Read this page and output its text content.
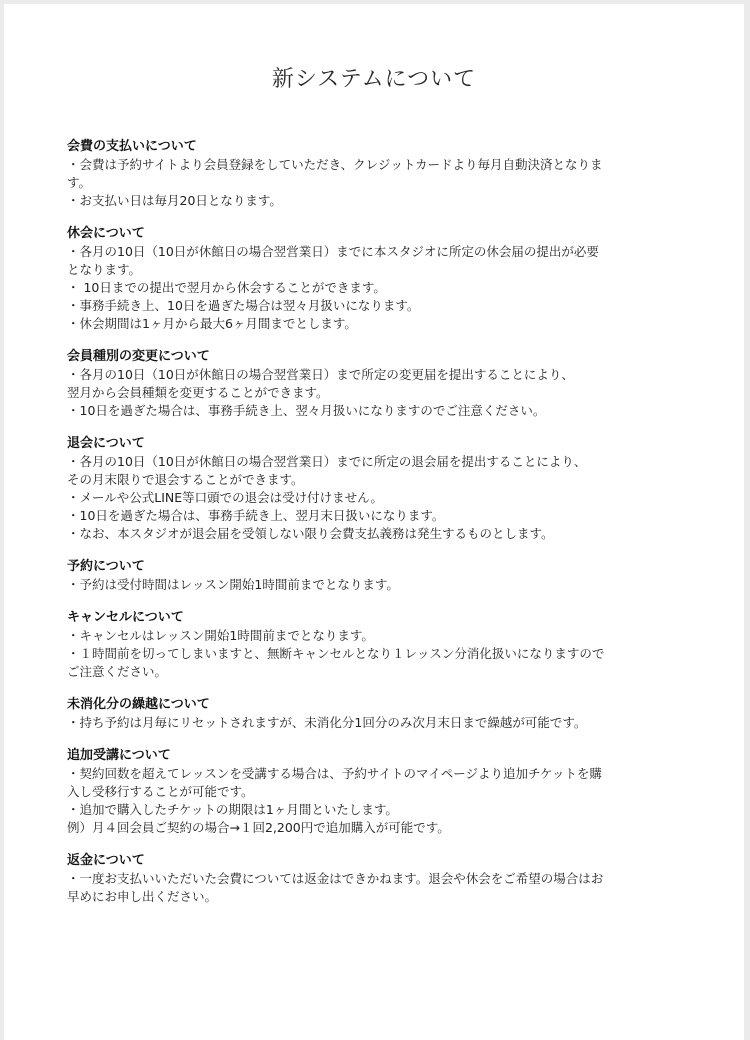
新システムについて
会費の支払いについて
・会費は予約サイトより会員登録をしていただき、クレジットカードより毎月自動決済となりま
す。
・お支払い日は毎月20日となります。
休会について
・各月の10日（10日が休館日の場合翌営業日）までに本スタジオに所定の休会届の提出が必要
となります。
・ 10日までの提出で翌月から休会することができます。
・事務手続き上、10日を過ぎた場合は翌々月扱いになります。
・休会期間は1ヶ月から最大6ヶ月間までとします。
会員種別の変更について
・各月の10日（10日が休館日の場合翌営業日）まで所定の変更届を提出することにより、
翌月から会員種類を変更することができます。
・10日を過ぎた場合は、事務手続き上、翌々月扱いになりますのでご注意ください。
退会について
・各月の10日（10日が休館日の場合翌営業日）までに所定の退会届を提出することにより、
その月末限りで退会することができます。
・メールや公式LINE等口頭での退会は受け付けません。
・10日を過ぎた場合は、事務手続き上、翌月末日扱いになります。
・なお、本スタジオが退会届を受領しない限り会費支払義務は発生するものとします。
予約について
・予約は受付時間はレッスン開始1時間前までとなります。
キャンセルについて
・キャンセルはレッスン開始1時間前までとなります。
・１時間前を切ってしまいますと、無断キャンセルとなり１レッスン分消化扱いになりますので
ご注意ください。
未消化分の繰越について
・持ち予約は月毎にリセットされますが、未消化分1回分のみ次月末日まで繰越が可能です。
追加受講について
・契約回数を超えてレッスンを受講する場合は、予約サイトのマイページより追加チケットを購
入し受移行することが可能です。
・追加で購入したチケットの期限は1ヶ月間といたします。
例）月４回会員ご契約の場合→１回2,200円で追加購入が可能です。
返金について
・一度お支払いいただいた会費については返金はできかねます。退会や休会をご希望の場合はお
早めにお申し出ください。
